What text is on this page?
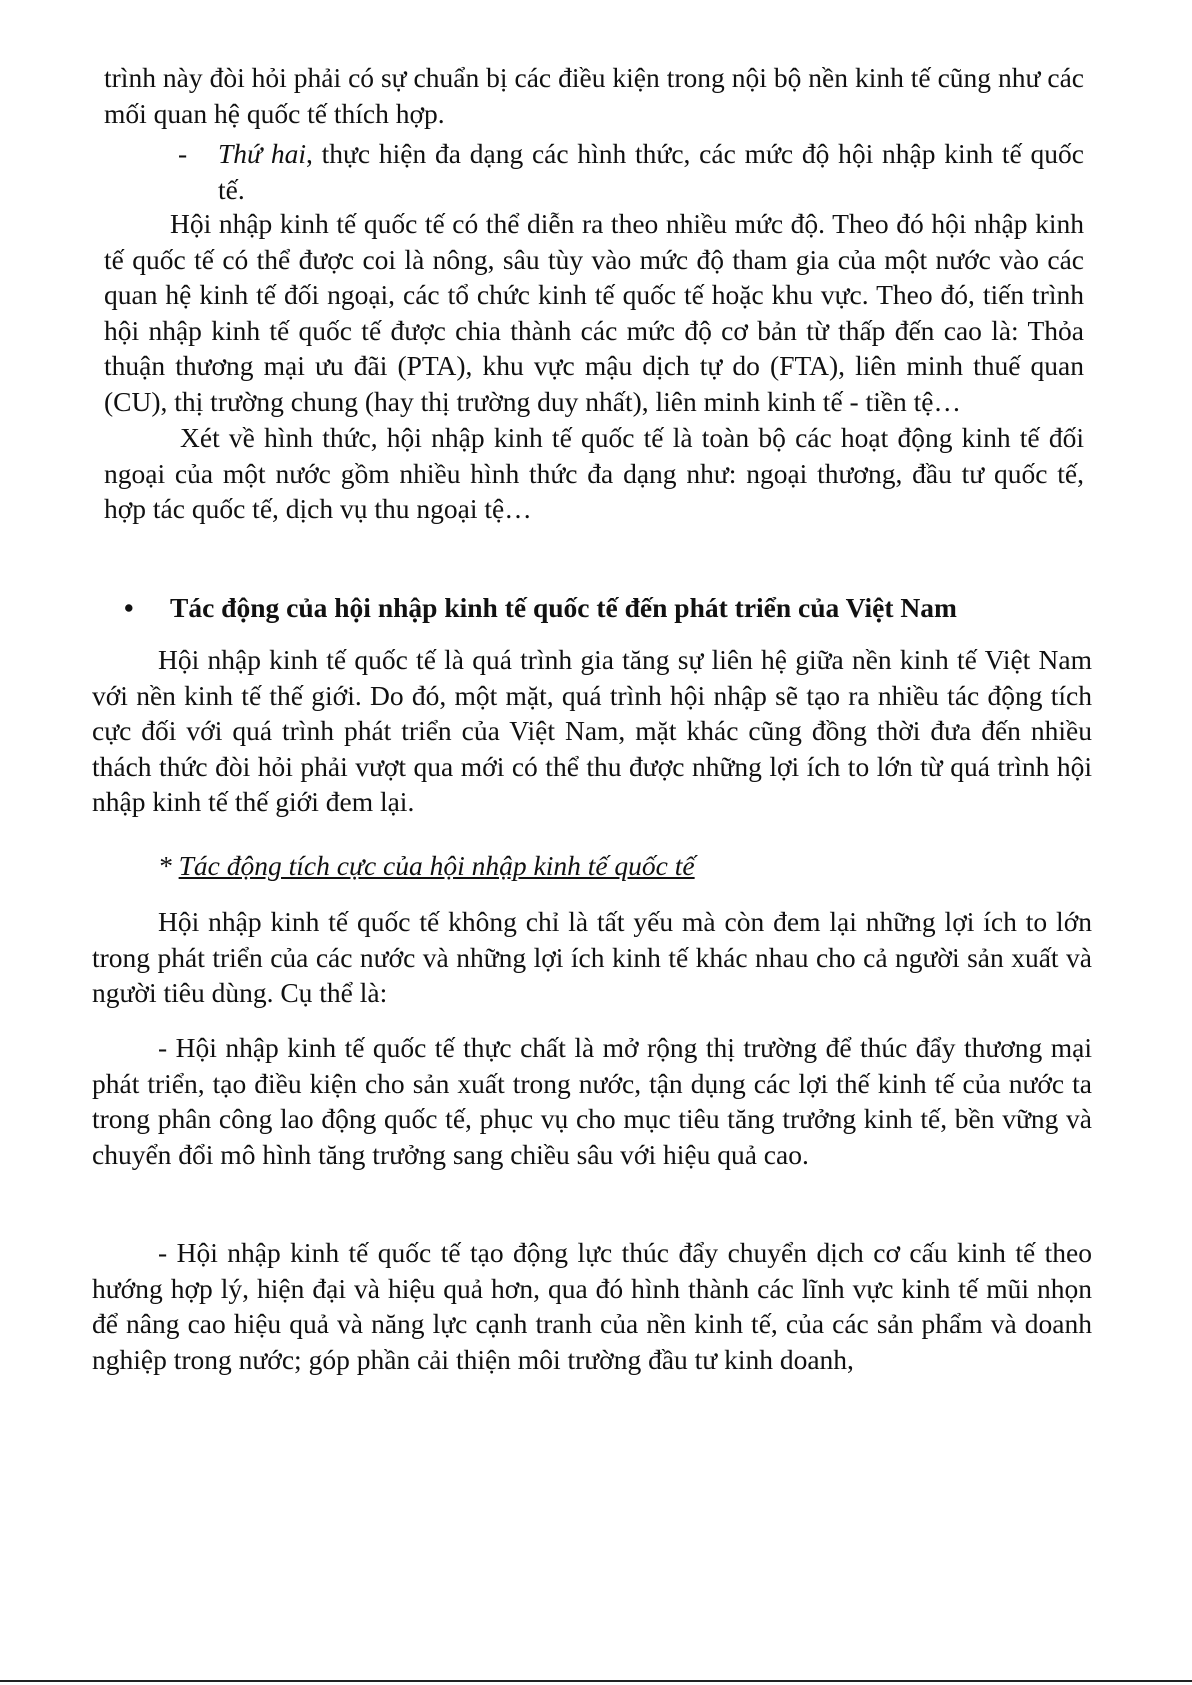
trình này đòi hỏi phải có sự chuẩn bị các điều kiện trong nội bộ nền kinh tế cũng như các mối quan hệ quốc tế thích hợp.

- Thứ hai, thực hiện đa dạng các hình thức, các mức độ hội nhập kinh tế quốc tế.

Hội nhập kinh tế quốc tế có thể diễn ra theo nhiều mức độ. Theo đó hội nhập kinh tế quốc tế có thể được coi là nông, sâu tùy vào mức độ tham gia của một nước vào các quan hệ kinh tế đối ngoại, các tổ chức kinh tế quốc tế hoặc khu vực. Theo đó, tiến trình hội nhập kinh tế quốc tế được chia thành các mức độ cơ bản từ thấp đến cao là: Thỏa thuận thương mại ưu đãi (PTA), khu vực mậu dịch tự do (FTA), liên minh thuế quan (CU), thị trường chung (hay thị trường duy nhất), liên minh kinh tế - tiền tệ…

Xét về hình thức, hội nhập kinh tế quốc tế là toàn bộ các hoạt động kinh tế đối ngoại của một nước gồm nhiều hình thức đa dạng như: ngoại thương, đầu tư quốc tế, hợp tác quốc tế, dịch vụ thu ngoại tệ…

• Tác động của hội nhập kinh tế quốc tế đến phát triển của Việt Nam

Hội nhập kinh tế quốc tế là quá trình gia tăng sự liên hệ giữa nền kinh tế Việt Nam với nền kinh tế thế giới. Do đó, một mặt, quá trình hội nhập sẽ tạo ra nhiều tác động tích cực đối với quá trình phát triển của Việt Nam, mặt khác cũng đồng thời đưa đến nhiều thách thức đòi hỏi phải vượt qua mới có thể thu được những lợi ích to lớn từ quá trình hội nhập kinh tế thế giới đem lại.

* Tác động tích cực của hội nhập kinh tế quốc tế

Hội nhập kinh tế quốc tế không chỉ là tất yếu mà còn đem lại những lợi ích to lớn trong phát triển của các nước và những lợi ích kinh tế khác nhau cho cả người sản xuất và người tiêu dùng. Cụ thể là:

- Hội nhập kinh tế quốc tế thực chất là mở rộng thị trường để thúc đẩy thương mại phát triển, tạo điều kiện cho sản xuất trong nước, tận dụng các lợi thế kinh tế của nước ta trong phân công lao động quốc tế, phục vụ cho mục tiêu tăng trưởng kinh tế, bền vững và chuyển đổi mô hình tăng trưởng sang chiều sâu với hiệu quả cao.

- Hội nhập kinh tế quốc tế tạo động lực thúc đẩy chuyển dịch cơ cấu kinh tế theo hướng hợp lý, hiện đại và hiệu quả hơn, qua đó hình thành các lĩnh vực kinh tế mũi nhọn để nâng cao hiệu quả và năng lực cạnh tranh của nền kinh tế, của các sản phẩm và doanh nghiệp trong nước; góp phần cải thiện môi trường đầu tư kinh doanh,
